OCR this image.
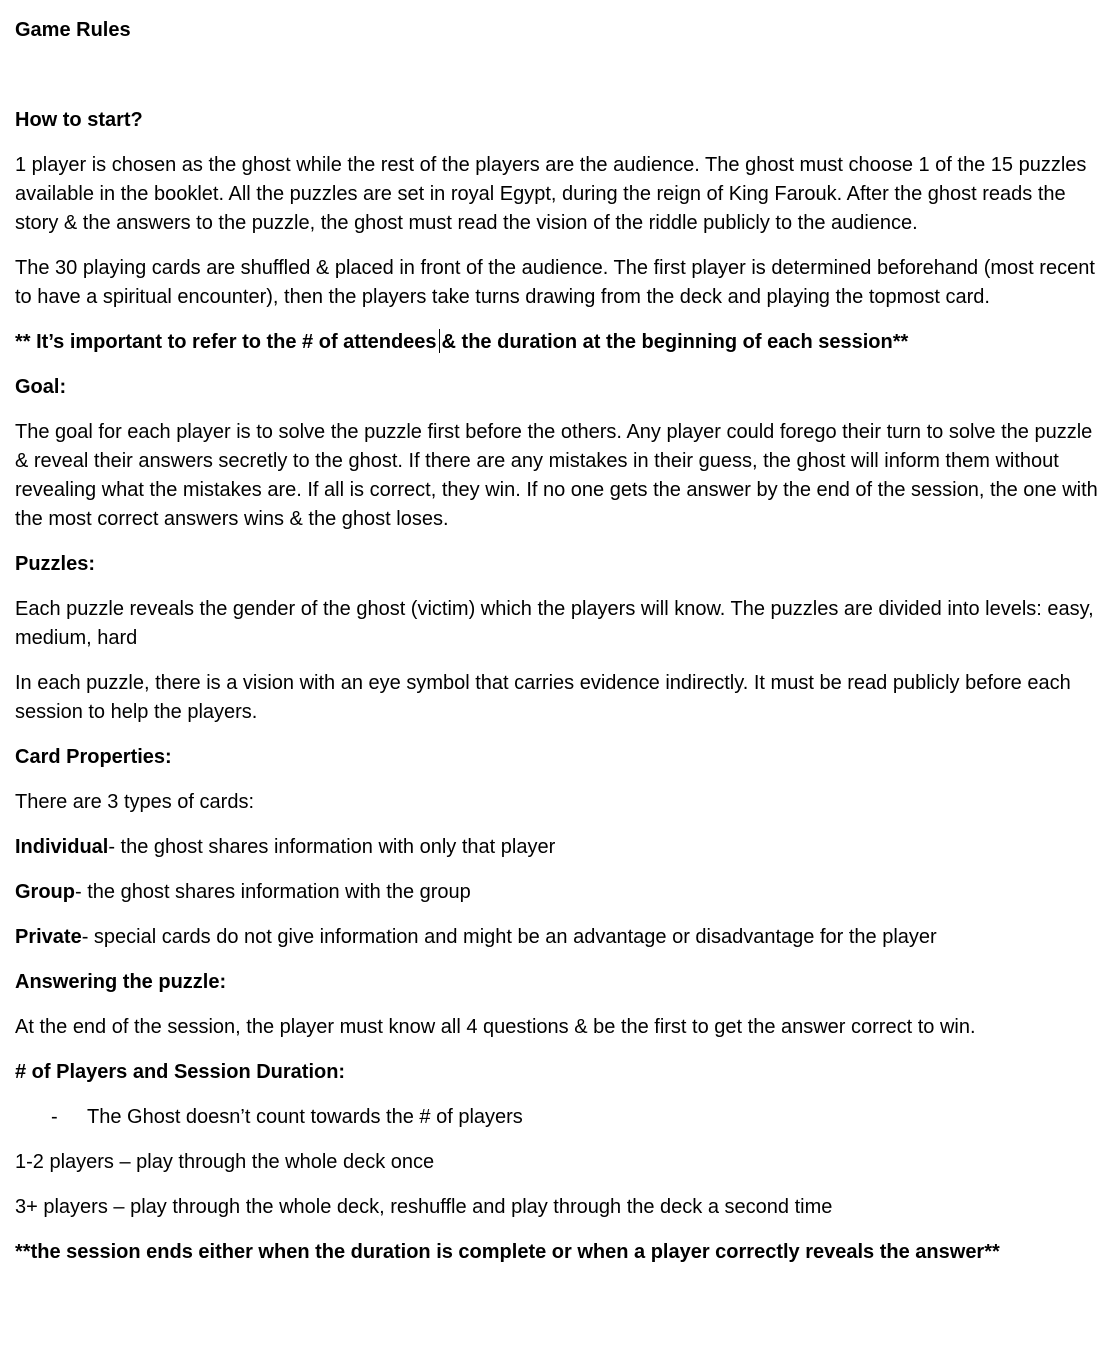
Game Rules

How to start?

1 player is chosen as the ghost while the rest of the players are the audience. The ghost must choose 1 of the 15 puzzles available in the booklet. All the puzzles are set in royal Egypt, during the reign of King Farouk. After the ghost reads the story & the answers to the puzzle, the ghost must read the vision of the riddle publicly to the audience.

The 30 playing cards are shuffled & placed in front of the audience. The first player is determined beforehand (most recent to have a spiritual encounter), then the players take turns drawing from the deck and playing the topmost card.

** It’s important to refer to the # of attendees & the duration at the beginning of each session**

Goal:

The goal for each player is to solve the puzzle first before the others. Any player could forego their turn to solve the puzzle & reveal their answers secretly to the ghost. If there are any mistakes in their guess, the ghost will inform them without revealing what the mistakes are. If all is correct, they win. If no one gets the answer by the end of the session, the one with the most correct answers wins & the ghost loses.

Puzzles:

Each puzzle reveals the gender of the ghost (victim) which the players will know. The puzzles are divided into levels: easy, medium, hard

In each puzzle, there is a vision with an eye symbol that carries evidence indirectly. It must be read publicly before each session to help the players.

Card Properties:

There are 3 types of cards:

Individual- the ghost shares information with only that player

Group- the ghost shares information with the group

Private- special cards do not give information and might be an advantage or disadvantage for the player

Answering the puzzle:

At the end of the session, the player must know all 4 questions & be the first to get the answer correct to win.

# of Players and Session Duration:

- The Ghost doesn’t count towards the # of players

1-2 players – play through the whole deck once

3+ players – play through the whole deck, reshuffle and play through the deck a second time

**the session ends either when the duration is complete or when a player correctly reveals the answer**
